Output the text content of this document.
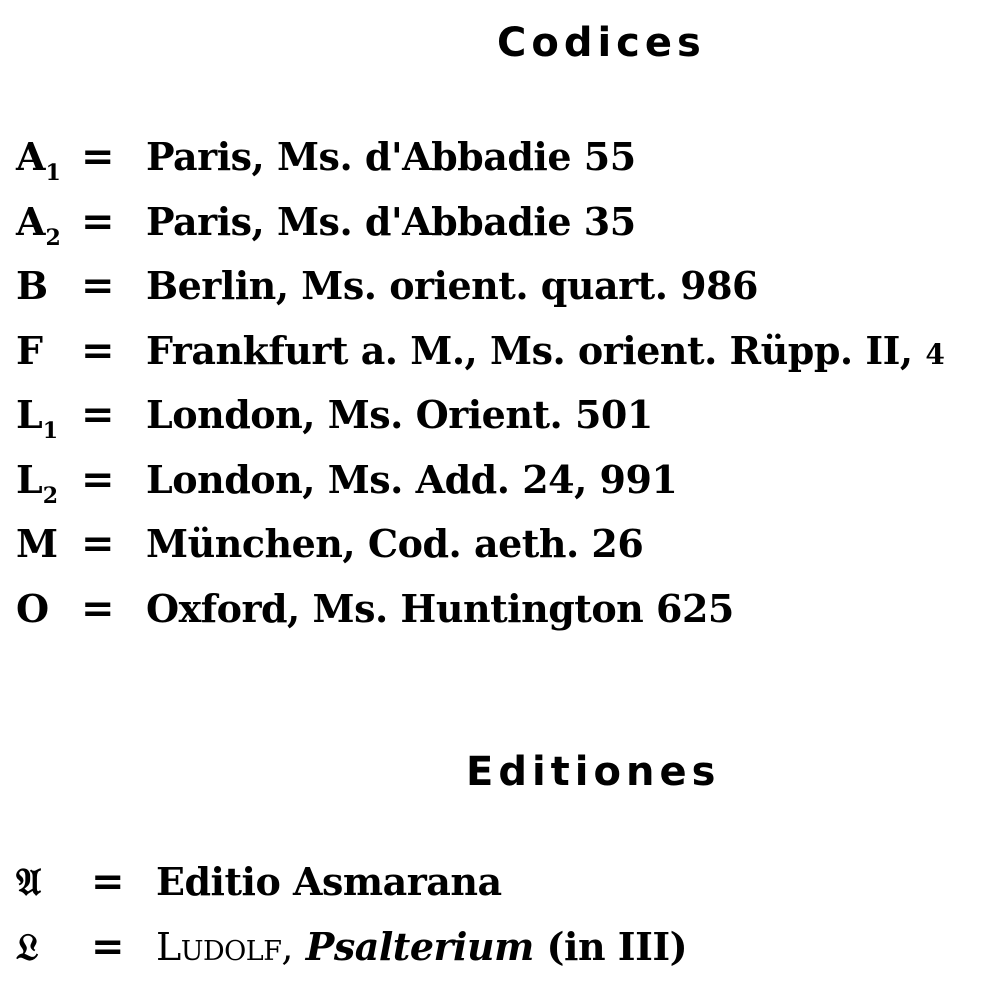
Codices
$A_1$ = Paris, Ms. d'Abbadie 55
$A_2$ = Paris, Ms. d'Abbadie 35
B = Berlin, Ms. orient. quart. 986
F = Frankfurt a. M., Ms. orient. Rüpp. II, 4
$L_1$ = London, Ms. Orient. 501
$L_2$ = London, Ms. Add. 24, 991
M = München, Cod. aeth. 26
O = Oxford, Ms. Huntington 625
Editiones
𝔄	= Editio Asmarana
𝔏	= Ludolf, Psalterium (in III)
